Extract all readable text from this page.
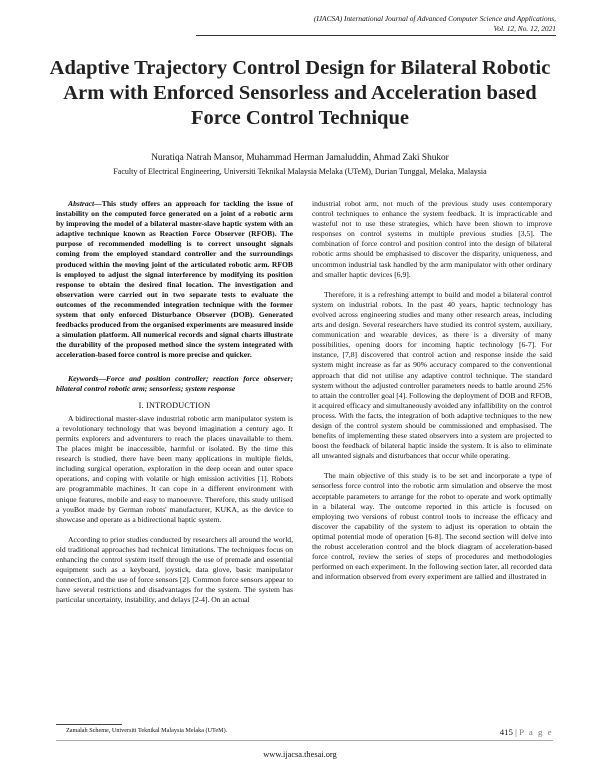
(IJACSA) International Journal of Advanced Computer Science and Applications,
Vol. 12, No. 12, 2021
Adaptive Trajectory Control Design for Bilateral Robotic Arm with Enforced Sensorless and Acceleration based Force Control Technique
Nuratiqa Natrah Mansor, Muhammad Herman Jamaluddin, Ahmad Zaki Shukor
Faculty of Electrical Engineering, Universiti Teknikal Malaysia Melaka (UTeM), Durian Tunggal, Melaka, Malaysia

Abstract—This study offers an approach for tackling the issue of instability on the computed force generated on a joint of a robotic arm by improving the model of a bilateral master-slave haptic system with an adaptive technique known as Reaction Force Observer (RFOB). The purpose of recommended modelling is to correct unsought signals coming from the employed standard controller and the surroundings produced within the moving joint of the articulated robotic arm. RFOB is employed to adjust the signal interference by modifying its position response to obtain the desired final location. The investigation and observation were carried out in two separate tests to evaluate the outcomes of the recommended integration technique with the former system that only enforced Disturbance Observer (DOB). Generated feedbacks produced from the organised experiments are measured inside a simulation platform. All numerical records and signal charts illustrate the durability of the proposed method since the system integrated with acceleration-based force control is more precise and quicker.

Keywords—Force and position controller; reaction force observer; bilateral control robotic arm; sensorless; system response

I. INTRODUCTION

A bidirectional master-slave industrial robotic arm manipulator system is a revolutionary technology that was beyond imagination a century ago. It permits explorers and adventurers to reach the places unavailable to them. The places might be inaccessible, harmful or isolated. By the time this research is studied, there have been many applications in multiple fields, including surgical operation, exploration in the deep ocean and outer space operations, and coping with volatile or high emission activities [1]. Robots are programmable machines. It can cope in a different environment with unique features, mobile and easy to manoeuvre. Therefore, this study utilised a youBot made by German robots' manufacturer, KUKA, as the device to showcase and operate as a bidirectional haptic system.

According to prior studies conducted by researchers all around the world, old traditional approaches had technical limitations. The techniques focus on enhancing the control system itself through the use of premade and essential equipment such as a keyboard, joystick, data glove, basic manipulator connection, and the use of force sensors [2]. Common force sensors appear to have several restrictions and disadvantages for the system. The system has particular uncertainty, instability, and delays [2-4]. On an actual

industrial robot arm, not much of the previous study uses contemporary control techniques to enhance the system feedback. It is impracticable and wasteful not to use these strategies, which have been shown to improve responses on control systems in multiple previous studies [3,5]. The combination of force control and position control into the design of bilateral robotic arms should be emphasised to discover the disparity, uniqueness, and uncommon industrial task handled by the arm manipulator with other ordinary and smaller haptic devices [6,9].

Therefore, it is a refreshing attempt to build and model a bilateral control system on industrial robots. In the past 40 years, haptic technology has evolved across engineering studies and many other research areas, including arts and design. Several researchers have studied its control system, auxiliary, communication and wearable devices, as there is a diversity of many possibilities, opening doors for incoming haptic technology [6-7]. For instance, [7,8] discovered that control action and response inside the said system might increase as far as 90% accuracy compared to the conventional approach that did not utilise any adaptive control technique. The standard system without the adjusted controller parameters needs to battle around 25% to attain the controller goal [4]. Following the deployment of DOB and RFOB, it acquired efficacy and simultaneously avoided any infallibility on the control process. With the facts, the integration of both adaptive techniques to the new design of the control system should be commissioned and emphasised. The benefits of implementing these stated observers into a system are projected to boost the feedback of bilateral haptic inside the system. It is also to eliminate all unwanted signals and disturbances that occur while operating.

The main objective of this study is to be set and incorporate a type of sensorless force control into the robotic arm simulation and observe the most acceptable parameters to arrange for the robot to operate and work optimally in a bilateral way. The outcome reported in this article is focused on employing two versions of robust control tools to increase the efficacy and discover the capability of the system to adjust its operation to obtain the optimal potential mode of operation [6-8]. The second section will delve into the robust acceleration control and the block diagram of acceleration-based force control, review the series of steps of procedures and methodologies performed on each experiment. In the following section later, all recorded data and information observed from every experiment are tallied and illustrated in

Zamalah Scheme, Universiti Teknikal Malaysia Melaka (UTeM).	415 | P a g e
www.ijacsa.thesai.org
